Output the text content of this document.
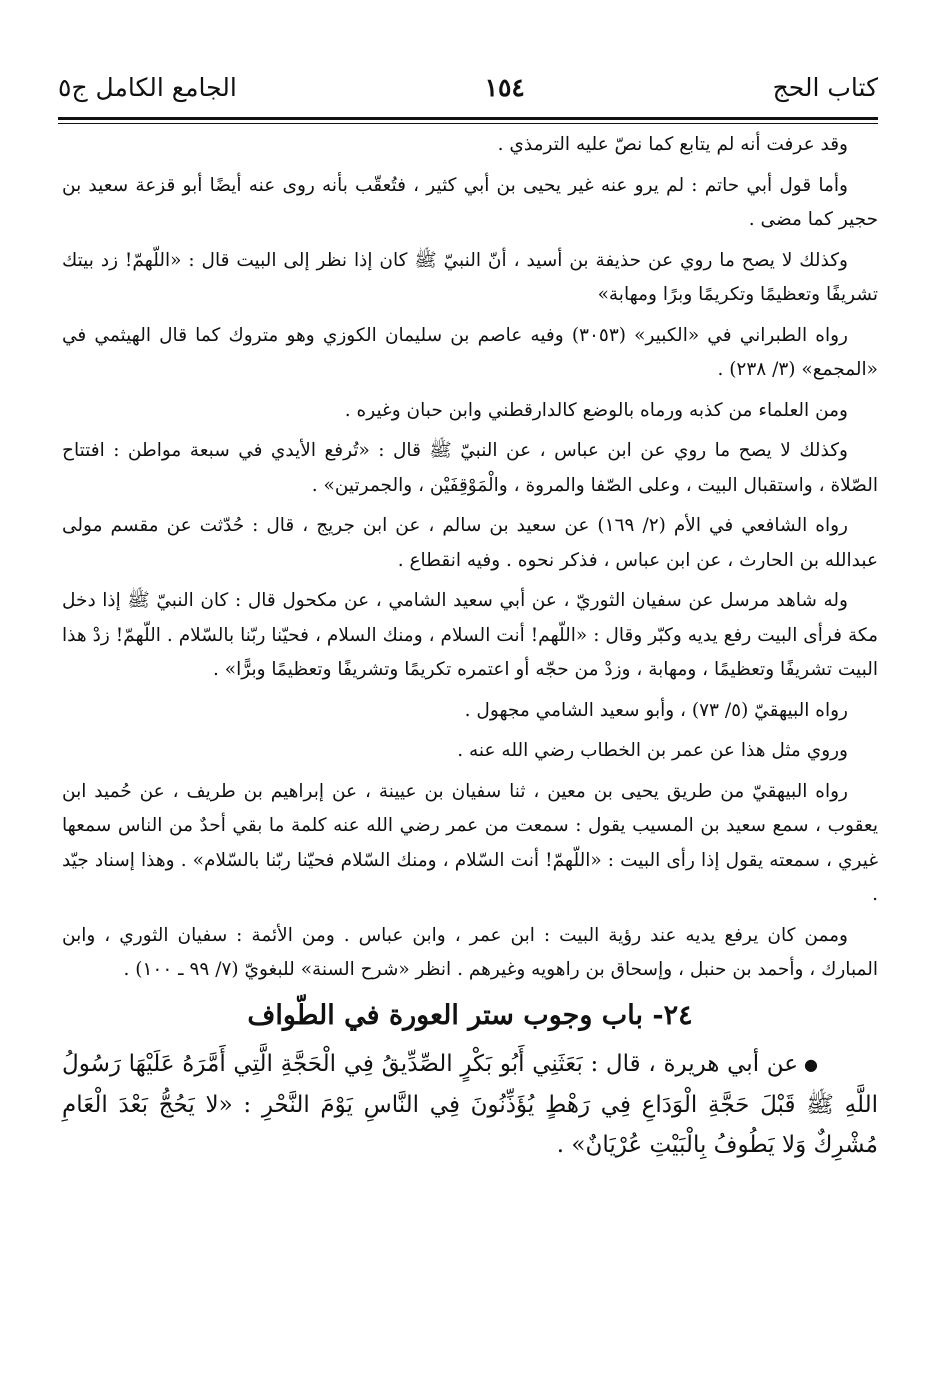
كتاب الحج
١٥٤
الجامع الكامل ج٥

وقد عرفت أنه لم يتابع كما نصّ عليه الترمذي .

وأما قول أبي حاتم : لم يرو عنه غير يحيى بن أبي كثير ، فتُعقّب بأنه روى عنه أيضًا أبو قزعة سعيد بن حجير كما مضى .

وكذلك لا يصح ما روي عن حذيفة بن أسيد ، أنّ النبيّ ﷺ كان إذا نظر إلى البيت قال : «اللّهمّ! زد بيتك تشريفًا وتعظيمًا وتكريمًا وبرًا ومهابة»

رواه الطبراني في «الكبير» (٣٠٥٣) وفيه عاصم بن سليمان الكوزي وهو متروك كما قال الهيثمي في «المجمع» (٣/ ٢٣٨) .

ومن العلماء من كذبه ورماه بالوضع كالدارقطني وابن حبان وغيره .

وكذلك لا يصح ما روي عن ابن عباس ، عن النبيّ ﷺ قال : «تُرفع الأيدي في سبعة مواطن : افتتاح الصّلاة ، واستقبال البيت ، وعلى الصّفا والمروة ، والْمَوْقِفَيْن ، والجمرتين» .

رواه الشافعي في الأم (٢/ ١٦٩) عن سعيد بن سالم ، عن ابن جريج ، قال : حُدّثت عن مقسم مولى عبدالله بن الحارث ، عن ابن عباس ، فذكر نحوه . وفيه انقطاع .

وله شاهد مرسل عن سفيان الثوريّ ، عن أبي سعيد الشامي ، عن مكحول قال : كان النبيّ ﷺ إذا دخل مكة فرأى البيت رفع يديه وكبّر وقال : «اللّهم! أنت السلام ، ومنك السلام ، فحيّنا ربّنا بالسّلام . اللّهمّ! زدْ هذا البيت تشريفًا وتعظيمًا ، ومهابة ، وزدْ من حجّه أو اعتمره تكريمًا وتشريفًا وتعظيمًا وبرًّا» .

رواه البيهقيّ (٥/ ٧٣) ، وأبو سعيد الشامي مجهول .

وروي مثل هذا عن عمر بن الخطاب رضي الله عنه .

رواه البيهقيّ من طريق يحيى بن معين ، ثنا سفيان بن عيينة ، عن إبراهيم بن طريف ، عن حُميد ابن يعقوب ، سمع سعيد بن المسيب يقول : سمعت من عمر رضي الله عنه كلمة ما بقي أحدٌ من الناس سمعها غيري ، سمعته يقول إذا رأى البيت : «اللّهمّ! أنت السّلام ، ومنك السّلام فحيّنا ربّنا بالسّلام» . وهذا إسناد جيّد .

وممن كان يرفع يديه عند رؤية البيت : ابن عمر ، وابن عباس . ومن الأئمة : سفيان الثوري ، وابن المبارك ، وأحمد بن حنبل ، وإسحاق بن راهويه وغيرهم . انظر «شرح السنة» للبغويّ (٧/ ٩٩ ـ ١٠٠) .

٢٤- باب وجوب ستر العورة في الطّواف

●عن أبي هريرة ، قال : بَعَثَنِي أَبُو بَكْرٍ الصِّدِّيقُ فِي الْحَجَّةِ الَّتِي أَمَّرَهُ عَلَيْهَا رَسُولُ اللَّهِ ﷺ قَبْلَ حَجَّةِ الْوَدَاعِ فِي رَهْطٍ يُؤَذِّنُونَ فِي النَّاسِ يَوْمَ النَّحْرِ : «لا يَحُجُّ بَعْدَ الْعَامِ مُشْرِكٌ وَلا يَطُوفُ بِالْبَيْتِ عُرْيَانٌ» .
